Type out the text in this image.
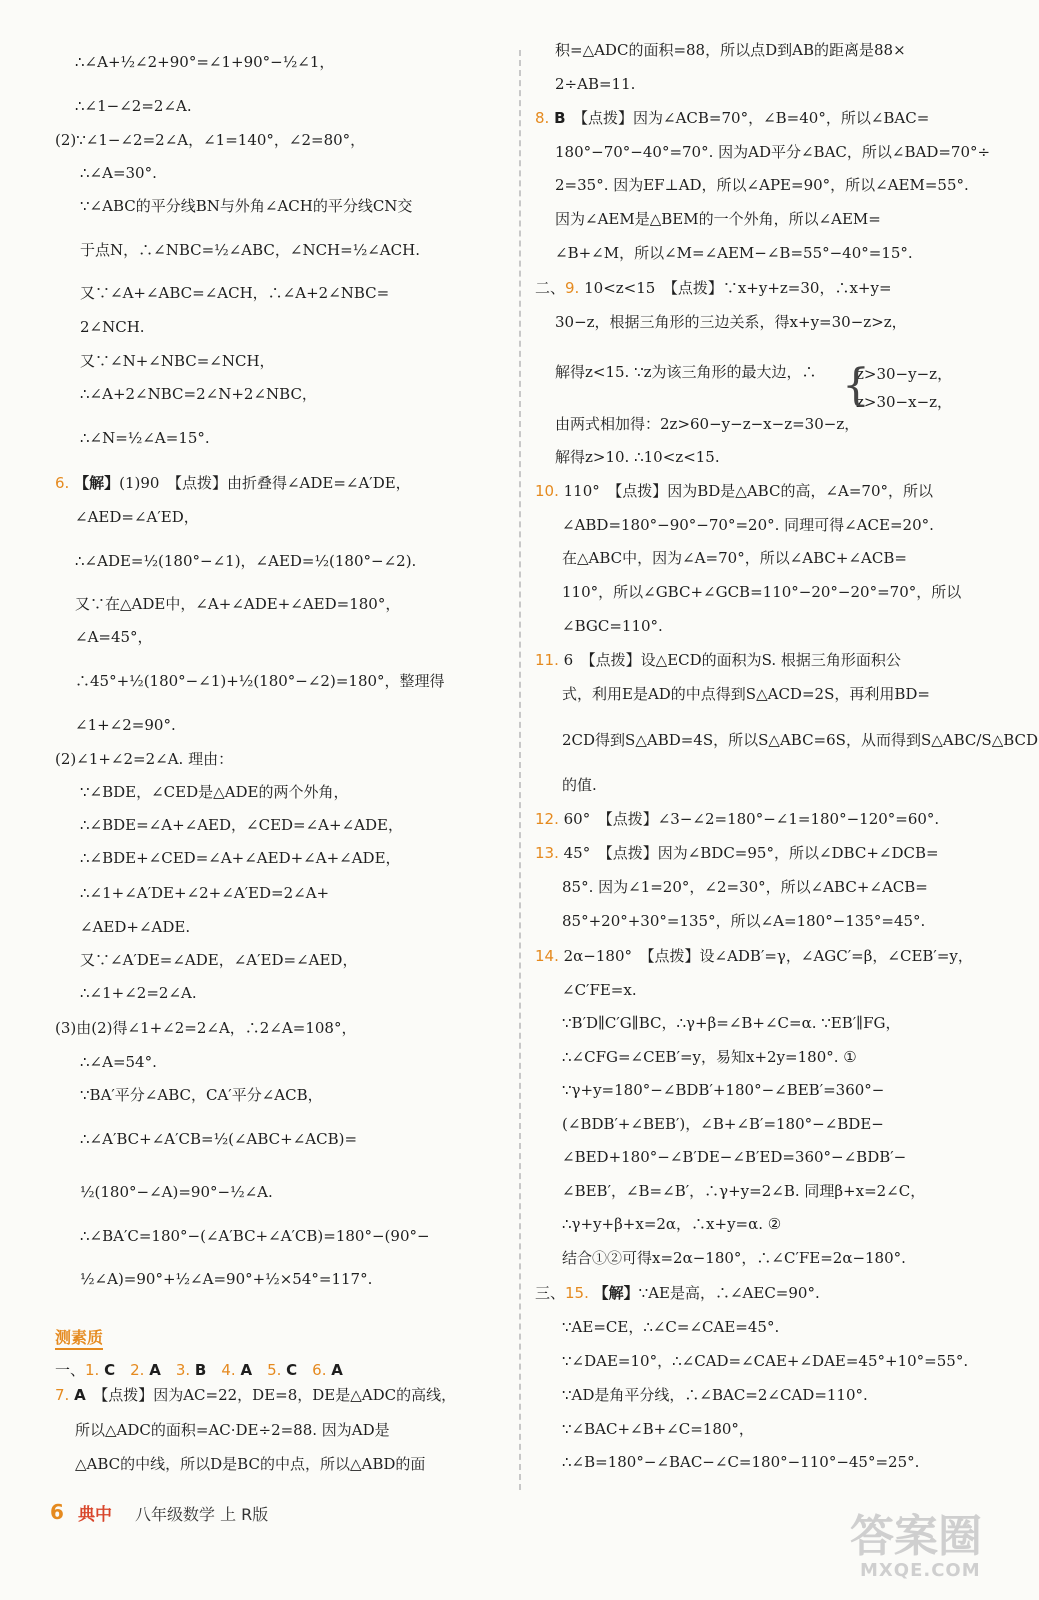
∴∠A+½∠2+90°=∠1+90°−½∠1，
∴∠1−∠2=2∠A.
(2)∵∠1−∠2=2∠A，∠1=140°，∠2=80°，
∴∠A=30°.
∵∠ABC的平分线BN与外角∠ACH的平分线CN交
于点N，∴∠NBC=½∠ABC，∠NCH=½∠ACH.
又∵∠A+∠ABC=∠ACH，∴∠A+2∠NBC=
2∠NCH.
又∵∠N+∠NBC=∠NCH，
∴∠A+2∠NBC=2∠N+2∠NBC，
∴∠N=½∠A=15°.
6. 【解】(1)90　【点拨】由折叠得∠ADE=∠A′DE，
∠AED=∠A′ED，
∴∠ADE=½(180°−∠1)，∠AED=½(180°−∠2).
又∵在△ADE中，∠A+∠ADE+∠AED=180°，
∠A=45°，
∴45°+½(180°−∠1)+½(180°−∠2)=180°，整理得
∠1+∠2=90°.
(2)∠1+∠2=2∠A. 理由：
∵∠BDE，∠CED是△ADE的两个外角，
∴∠BDE=∠A+∠AED，∠CED=∠A+∠ADE，
∴∠BDE+∠CED=∠A+∠AED+∠A+∠ADE，
∴∠1+∠A′DE+∠2+∠A′ED=2∠A+
∠AED+∠ADE.
又∵∠A′DE=∠ADE，∠A′ED=∠AED，
∴∠1+∠2=2∠A.
(3)由(2)得∠1+∠2=2∠A，∴2∠A=108°，
∴∠A=54°.
∵BA′平分∠ABC，CA′平分∠ACB，
∴∠A′BC+∠A′CB=½(∠ABC+∠ACB)=
½(180°−∠A)=90°−½∠A.
∴∠BA′C=180°−(∠A′BC+∠A′CB)=180°−(90°−
½∠A)=90°+½∠A=90°+½×54°=117°.
7. A　【点拨】因为AC=22，DE=8，DE是△ADC的高线，
所以△ADC的面积=AC·DE÷2=88. 因为AD是
△ABC的中线，所以D是BC的中点，所以△ABD的面
积=△ADC的面积=88，所以点D到AB的距离是88×
2÷AB=11.
8. B　【点拨】因为∠ACB=70°，∠B=40°，所以∠BAC=
180°−70°−40°=70°. 因为AD平分∠BAC，所以∠BAD=70°÷
2=35°. 因为EF⊥AD，所以∠APE=90°，所以∠AEM=55°.
因为∠AEM是△BEM的一个外角，所以∠AEM=
∠B+∠M，所以∠M=∠AEM−∠B=55°−40°=15°.
二、9. 10<z<15　【点拨】∵x+y+z=30，∴x+y=
30−z，根据三角形的三边关系，得x+y=30−z>z，
解得z<15. ∵z为该三角形的最大边，∴
由两式相加得：2z>60−y−z−x−z=30−z，
解得z>10. ∴10<z<15.
10. 110°　【点拨】因为BD是△ABC的高，∠A=70°，所以
∠ABD=180°−90°−70°=20°. 同理可得∠ACE=20°.
在△ABC中，因为∠A=70°，所以∠ABC+∠ACB=
110°，所以∠GBC+∠GCB=110°−20°−20°=70°，所以
∠BGC=110°.
11. 6　【点拨】设△ECD的面积为S. 根据三角形面积公
式，利用E是AD的中点得到S△ACD=2S，再利用BD=
2CD得到S△ABD=4S，所以S△ABC=6S，从而得到S△ABC/S△BCD
的值.
12. 60°　【点拨】∠3−∠2=180°−∠1=180°−120°=60°.
13. 45°　【点拨】因为∠BDC=95°，所以∠DBC+∠DCB=
85°. 因为∠1=20°，∠2=30°，所以∠ABC+∠ACB=
85°+20°+30°=135°，所以∠A=180°−135°=45°.
14. 2α−180°　【点拨】设∠ADB′=γ，∠AGC′=β，∠CEB′=y，
∠C′FE=x.
∵B′D∥C′G∥BC，∴γ+β=∠B+∠C=α. ∵EB′∥FG，
∴∠CFG=∠CEB′=y，易知x+2y=180°. ①
∵γ+y=180°−∠BDB′+180°−∠BEB′=360°−
(∠BDB′+∠BEB′)，∠B+∠B′=180°−∠BDE−
∠BED+180°−∠B′DE−∠B′ED=360°−∠BDB′−
∠BEB′，∠B=∠B′，∴γ+y=2∠B. 同理β+x=2∠C，
∴γ+y+β+x=2α，∴x+y=α. ②
结合①②可得x=2α−180°，∴∠C′FE=2α−180°.
三、15. 【解】∵AE是高，∴∠AEC=90°.
∵AE=CE，∴∠C=∠CAE=45°.
∵∠DAE=10°，∴∠CAD=∠CAE+∠DAE=45°+10°=55°.
∵AD是角平分线，∴∠BAC=2∠CAD=110°.
∵∠BAC+∠B+∠C=180°，
∴∠B=180°−∠BAC−∠C=180°−110°−45°=25°.
测素质
一、1. C　2. A　3. B　4. A　5. C　6. A　
{
z>30−y−z，
z>30−x−z，
6 典中 八年级数学 上 R版	答案圈
MXQE.COM
